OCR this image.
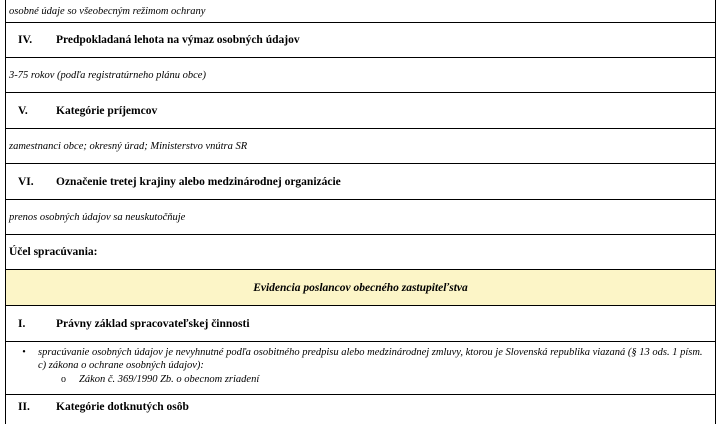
osobné údaje so všeobecným režimom ochrany
IV.	Predpokladaná lehota na výmaz osobných údajov
3-75 rokov (podľa registratúrneho plánu obce)
V.	Kategórie príjemcov
zamestnanci obce; okresný úrad; Ministerstvo vnútra SR
VI.	Označenie tretej krajiny alebo medzinárodnej organizácie
prenos osobných údajov sa neuskutočňuje
Účel spracúvania:
Evidencia poslancov obecného zastupiteľstva
I.	Právny základ spracovateľskej činnosti
•	spracúvanie osobných údajov je nevyhnutné podľa osobitného predpisu alebo medzinárodnej zmluvy, ktorou je Slovenská republika viazaná (§ 13 ods. 1 písm. c) zákona o ochrane osobných údajov):
o	Zákon č. 369/1990 Zb. o obecnom zriadení
II.	Kategórie dotknutých osôb
